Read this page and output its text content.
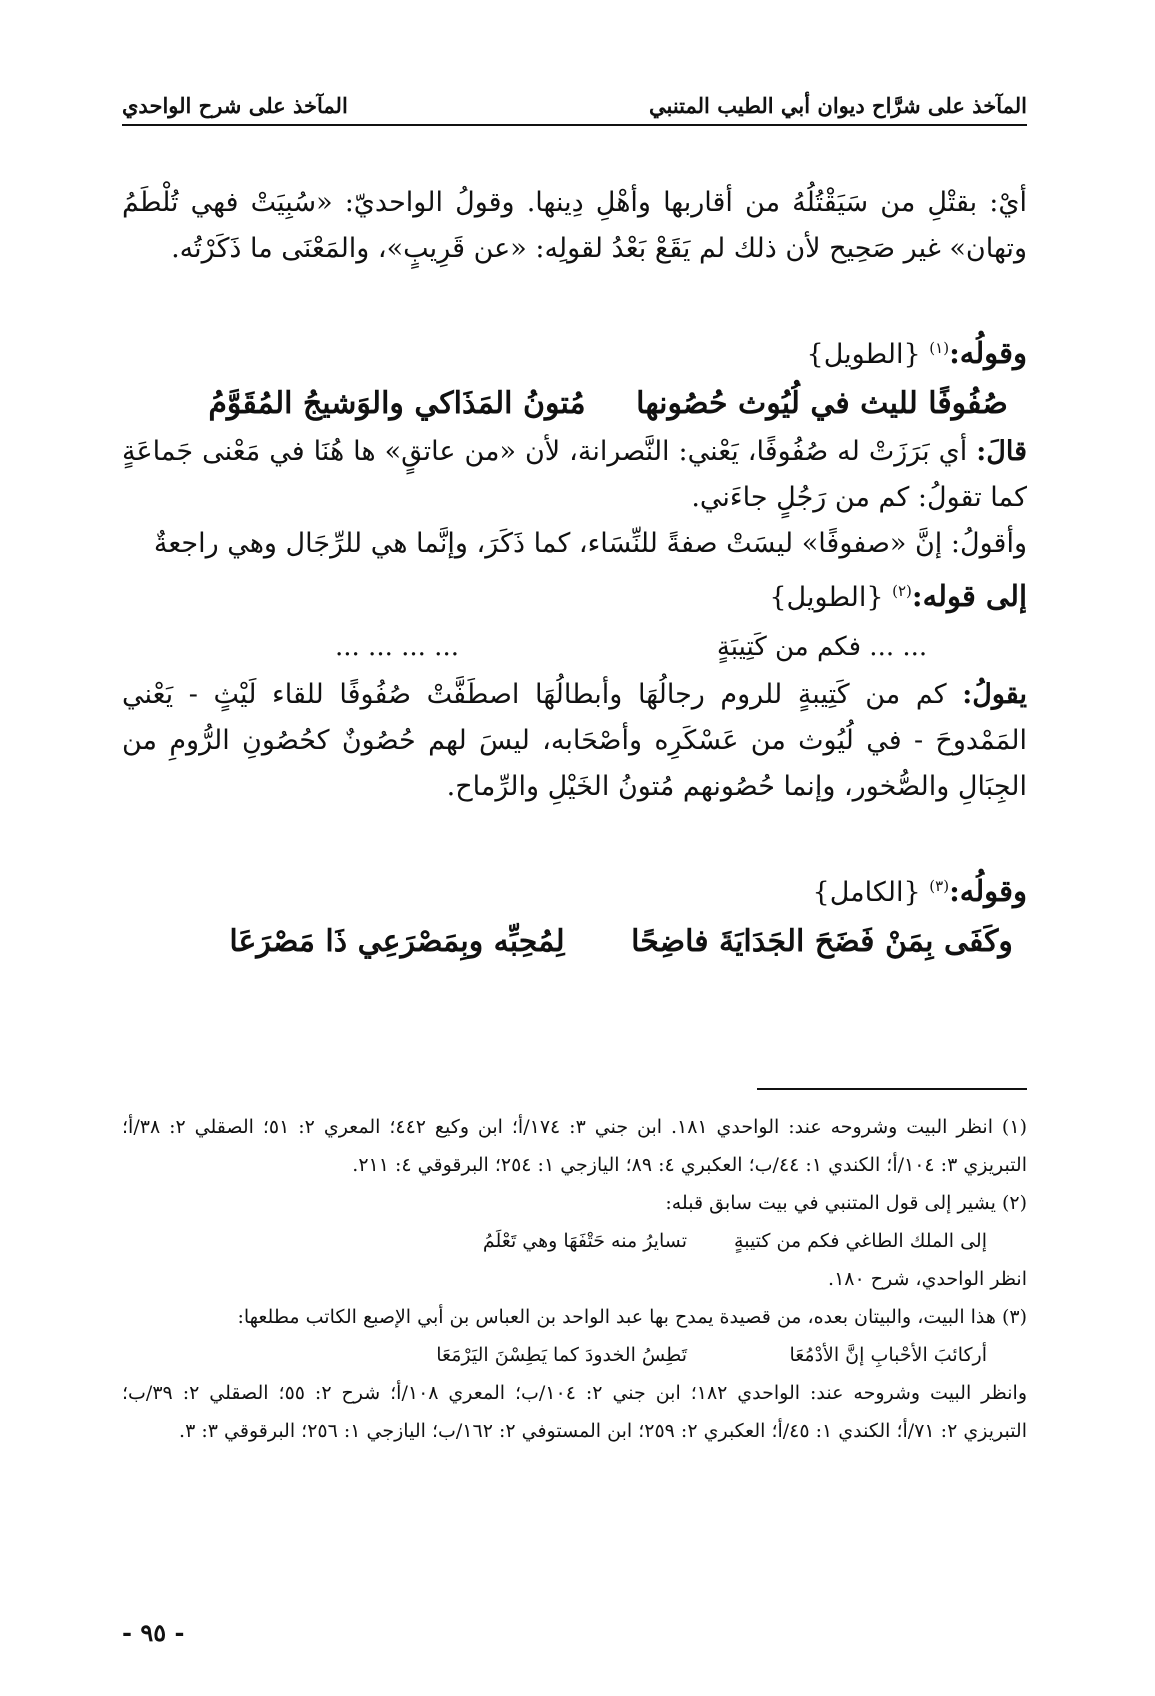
المآخذ على شرَّاح ديوان أبي الطيب المتنبي
المآخذ على شرح الواحدي

أيْ: بقتْلِ من سَيَقْتُلُهُ من أقاربها وأهْلِ دِينها. وقولُ الواحديّ: «سُبِيَتْ فهي تُلْطَمُ وتهان» غير صَحِيح لأن ذلك لم يَقَعْ بَعْدُ لقولِه: «عن قَرِيبٍ»، والمَعْنَى ما ذَكَرْتُه.

وقولُه:$^{(١)}$ {الطويل}

صُفُوفًا لليث في لُيُوث حُصُونها
مُتونُ المَذَاكي والوَشيجُ المُقَوَّمُ

قالَ: أي بَرَزَتْ له صُفُوفًا، يَعْني: النَّصرانة، لأن «من عاتقٍ» ها هُنَا في مَعْنى جَماعَةٍ كما تقولُ: كم من رَجُلٍ جاءَني.

وأقولُ: إنَّ «صفوفًا» ليسَتْ صفةً للنِّسَاء، كما ذَكَرَ، وإنَّما هي للرِّجَال وهي راجعةٌ

إلى قوله:$^{(٢)}$ {الطويل}

... ... فكم من كَتِيبَةٍ
... ... ... ...

يقولُ: كم من كَتِيبةٍ للروم رجالُهَا وأبطالُهَا اصطَفَّتْ صُفُوفًا للقاء لَيْثٍ - يَعْني المَمْدوحَ - في لُيُوث من عَسْكَرِه وأصْحَابه، ليسَ لهم حُصُونٌ كحُصُونِ الرُّومِ من الجِبَالِ والصُّخور، وإنما حُصُونهم مُتونُ الخَيْلِ والرِّماح.

وقولُه:$^{(٣)}$ {الكامل}

وكَفَى بِمَنْ فَضَحَ الجَدَايَةَ فاضِحًا
لِمُحِبِّه وبِمَصْرَعِي ذَا مَصْرَعَا

(١) انظر البيت وشروحه عند: الواحدي ١٨١. ابن جني ٣: ١٧٤/أ؛ ابن وكيع ٤٤٢؛ المعري ٢: ٥١؛ الصقلي ٢: ٣٨/أ؛ التبريزي ٣: ١٠٤/أ؛ الكندي ١: ٤٤/ب؛ العكبري ٤: ٨٩؛ اليازجي ١: ٢٥٤؛ البرقوقي ٤: ٢١١.

(٢) يشير إلى قول المتنبي في بيت سابق قبله:

إلى الملك الطاغي فكم من كتيبةٍ
تسايرُ منه حَتْفَهَا وهي تَعْلَمُ

انظر الواحدي، شرح ١٨٠.

(٣) هذا البيت، والبيتان بعده، من قصيدة يمدح بها عبد الواحد بن العباس بن أبي الإصبع الكاتب مطلعها:

أركائبَ الأحْبابِ إنَّ الأدْمُعَا
تَطِسُ الخدودَ كما يَطِسْنَ اليَرْمَعَا

وانظر البيت وشروحه عند: الواحدي ١٨٢؛ ابن جني ٢: ١٠٤/ب؛ المعري ١٠٨/أ؛ شرح ٢: ٥٥؛ الصقلي ٢: ٣٩/ب؛ التبريزي ٢: ٧١/أ؛ الكندي ١: ٤٥/أ؛ العكبري ٢: ٢٥٩؛ ابن المستوفي ٢: ١٦٢/ب؛ اليازجي ١: ٢٥٦؛ البرقوقي ٣: ٣.

- ٩٥ -
